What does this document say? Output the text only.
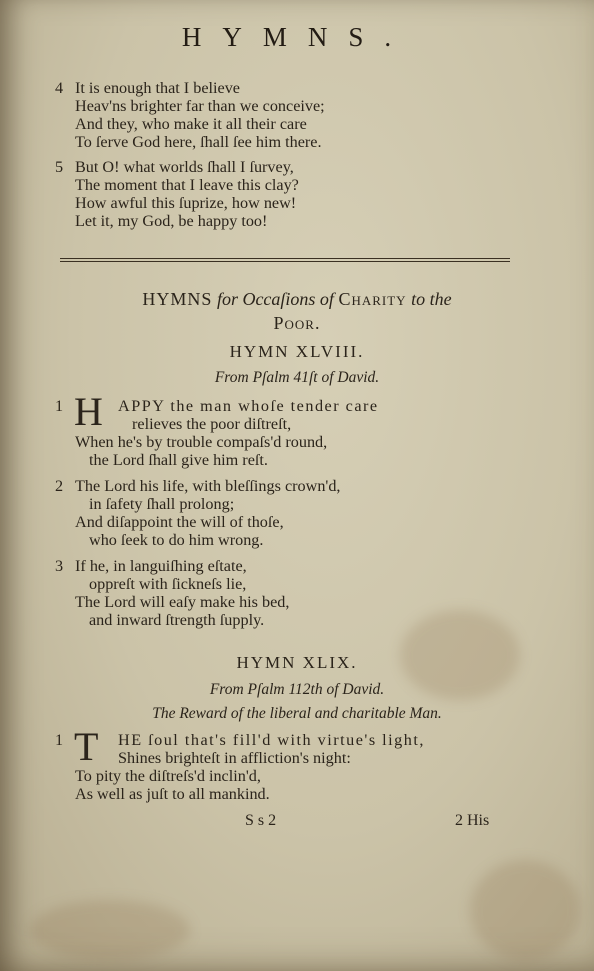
HYMNS.
4 It is enough that I believe
Heav'ns brighter far than we conceive;
And they, who make it all their care
To ſerve God here, ſhall ſee him there.
5 But O! what worlds ſhall I ſurvey,
The moment that I leave this clay?
How awful this ſuprize, how new!
Let it, my God, be happy too!
HYMNS for Occaſions of Charity to the
Poor.
HYMN XLVIII.
From Pſalm 41ſt of David.
1	APPY the man whoſe tender care
relieves the poor diſtreſt,
When he's by trouble compaſs'd round,
the Lord ſhall give him reſt.
H
2 The Lord his life, with bleſſings crown'd,
in ſafety ſhall prolong;
And diſappoint the will of thoſe,
who ſeek to do him wrong.
3 If he, in languiſhing eſtate,
oppreſt with ſickneſs lie,
The Lord will eaſy make his bed,
and inward ſtrength ſupply.
HYMN XLIX.
From Pſalm 112th of David.
The Reward of the liberal and charitable Man.
1	HE ſoul that's fill'd with virtue's light,
Shines brighteſt in affliction's night:
To pity the diſtreſs'd inclin'd,
As well as juſt to all mankind.
T
S s 2	2 His
